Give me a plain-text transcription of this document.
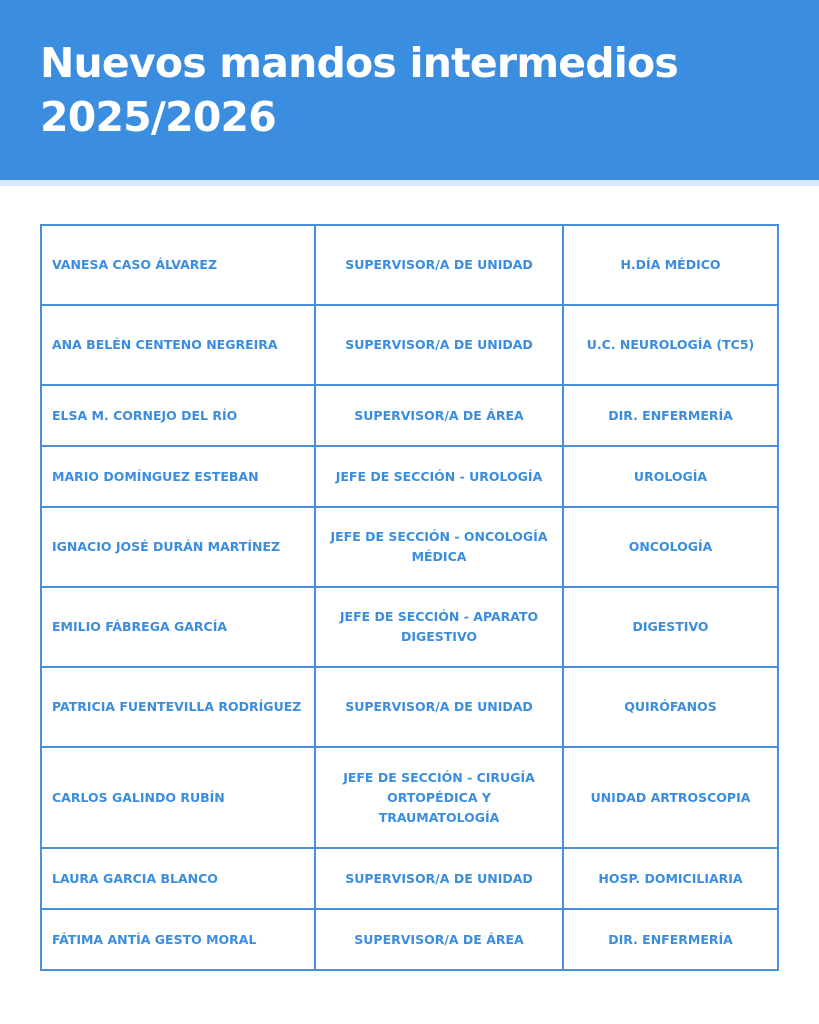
Nuevos mandos intermedios
2025/2026
VANESA CASO ÁLVAREZ	SUPERVISOR/A DE UNIDAD	H.DÍA MÉDICO
ANA BELÉN CENTENO NEGREIRA	SUPERVISOR/A DE UNIDAD	U.C. NEUROLOGÍA (TC5)
ELSA M. CORNEJO DEL RÍO	SUPERVISOR/A DE ÁREA	DIR. ENFERMERÍA
MARIO DOMÍNGUEZ ESTEBAN	JEFE DE SECCIÓN - UROLOGÍA	UROLOGÍA
IGNACIO JOSÉ DURÁN MARTÍNEZ	JEFE DE SECCIÓN - ONCOLOGÍA MÉDICA	ONCOLOGÍA
EMILIO FÁBREGA GARCÍA	JEFE DE SECCIÓN - APARATO DIGESTIVO	DIGESTIVO
PATRICIA FUENTEVILLA RODRÍGUEZ	SUPERVISOR/A DE UNIDAD	QUIRÓFANOS
CARLOS GALINDO RUBÍN	JEFE DE SECCIÓN - CIRUGÍA ORTOPÉDICA Y TRAUMATOLOGÍA	UNIDAD ARTROSCOPIA
LAURA GARCIA BLANCO	SUPERVISOR/A DE UNIDAD	HOSP. DOMICILIARIA
FÁTIMA ANTÍA GESTO MORAL	SUPERVISOR/A DE ÁREA	DIR. ENFERMERÍA
